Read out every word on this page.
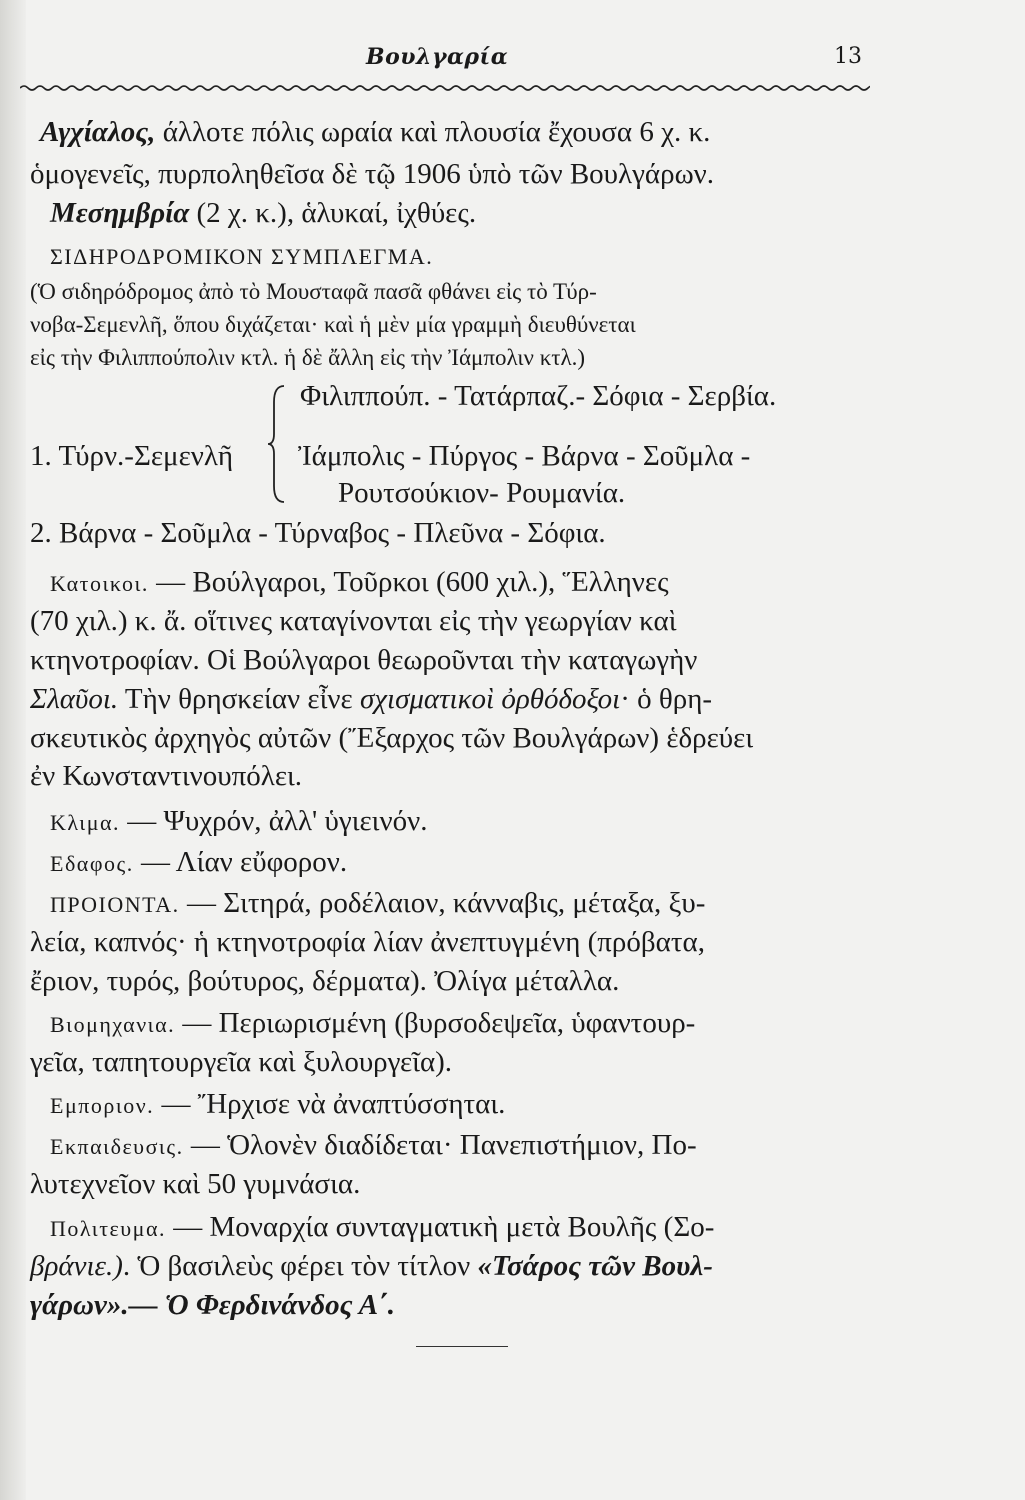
Βουλγαρία	13
Αγχίαλος, άλλοτε πόλις ωραία καὶ πλουσία ἔχουσα 6 χ. κ.
ὁμογενεῖς, πυρποληθεῖσα δὲ τῷ 1906 ὑπὸ τῶν Βουλγάρων.
Μεσημβρία (2 χ. κ.), ἁλυκαί, ἰχθύες.
ΣΙΔΗΡΟΔΡΟΜΙΚΟΝ ΣΥΜΠΛΕΓΜΑ.
(Ὁ σιδηρόδρομος ἀπὸ τὸ Μουσταφᾶ πασᾶ φθάνει εἰς τὸ Τύρ-
νοβα-Σεμενλῆ, ὅπου διχάζεται· καὶ ἡ μὲν μία γραμμὴ διευθύνεται
εἰς τὴν Φιλιππούπολιν κτλ. ἡ δὲ ἄλλη εἰς τὴν Ἰάμπολιν κτλ.)
Φιλιππούπ. - Τατάρπαζ.- Σόφια - Σερβία.
1. Τύρν.-Σεμενλῆ Ἰάμπολις - Πύργος - Βάρνα - Σοῦμλα -
Ρουτσούκιον- Ρουμανία.
2. Βάρνα - Σοῦμλα - Τύρναβος - Πλεῦνα - Σόφια.
Κατοικοι. — Βούλγαροι, Τοῦρκοι (600 χιλ.), Ἕλληνες
(70 χιλ.) κ. ἄ. οἵτινες καταγίνονται εἰς τὴν γεωργίαν καὶ
κτηνοτροφίαν. Οἱ Βούλγαροι θεωροῦνται τὴν καταγωγὴν
Σλαῦοι. Τὴν θρησκείαν εἶνε σχισματικοὶ ὀρθόδοξοι· ὁ θρη-
σκευτικὸς ἀρχηγὸς αὐτῶν (Ἔξαρχος τῶν Βουλγάρων) ἑδρεύει
ἐν Κωνσταντινουπόλει.
Κλιμα. — Ψυχρόν, ἀλλ' ὑγιεινόν.
Εδαφος. — Λίαν εὔφορον.
ΠΡΟΙΟΝΤΑ. — Σιτηρά, ροδέλαιον, κάνναβις, μέταξα, ξυ-
λεία, καπνός· ἡ κτηνοτροφία λίαν ἀνεπτυγμένη (πρόβατα,
ἔριον, τυρός, βούτυρος, δέρματα). Ὀλίγα μέταλλα.
Βιομηχανια. — Περιωρισμένη (βυρσοδεψεῖα, ὑφαντουρ-
γεῖα, ταπητουργεῖα καὶ ξυλουργεῖα).
Εμποριον. — Ἤρχισε νὰ ἀναπτύσσηται.
Εκπαιδευσις. — Ὁλονὲν διαδίδεται· Πανεπιστήμιον, Πο-
λυτεχνεῖον καὶ 50 γυμνάσια.
Πολιτευμα. — Μοναρχία συνταγματικὴ μετὰ Βουλῆς (Σο-
βράνιε.). Ὁ βασιλεὺς φέρει τὸν τίτλον «Τσάρος τῶν Βουλ-
γάρων».— Ὁ Φερδινάνδος Α΄.
